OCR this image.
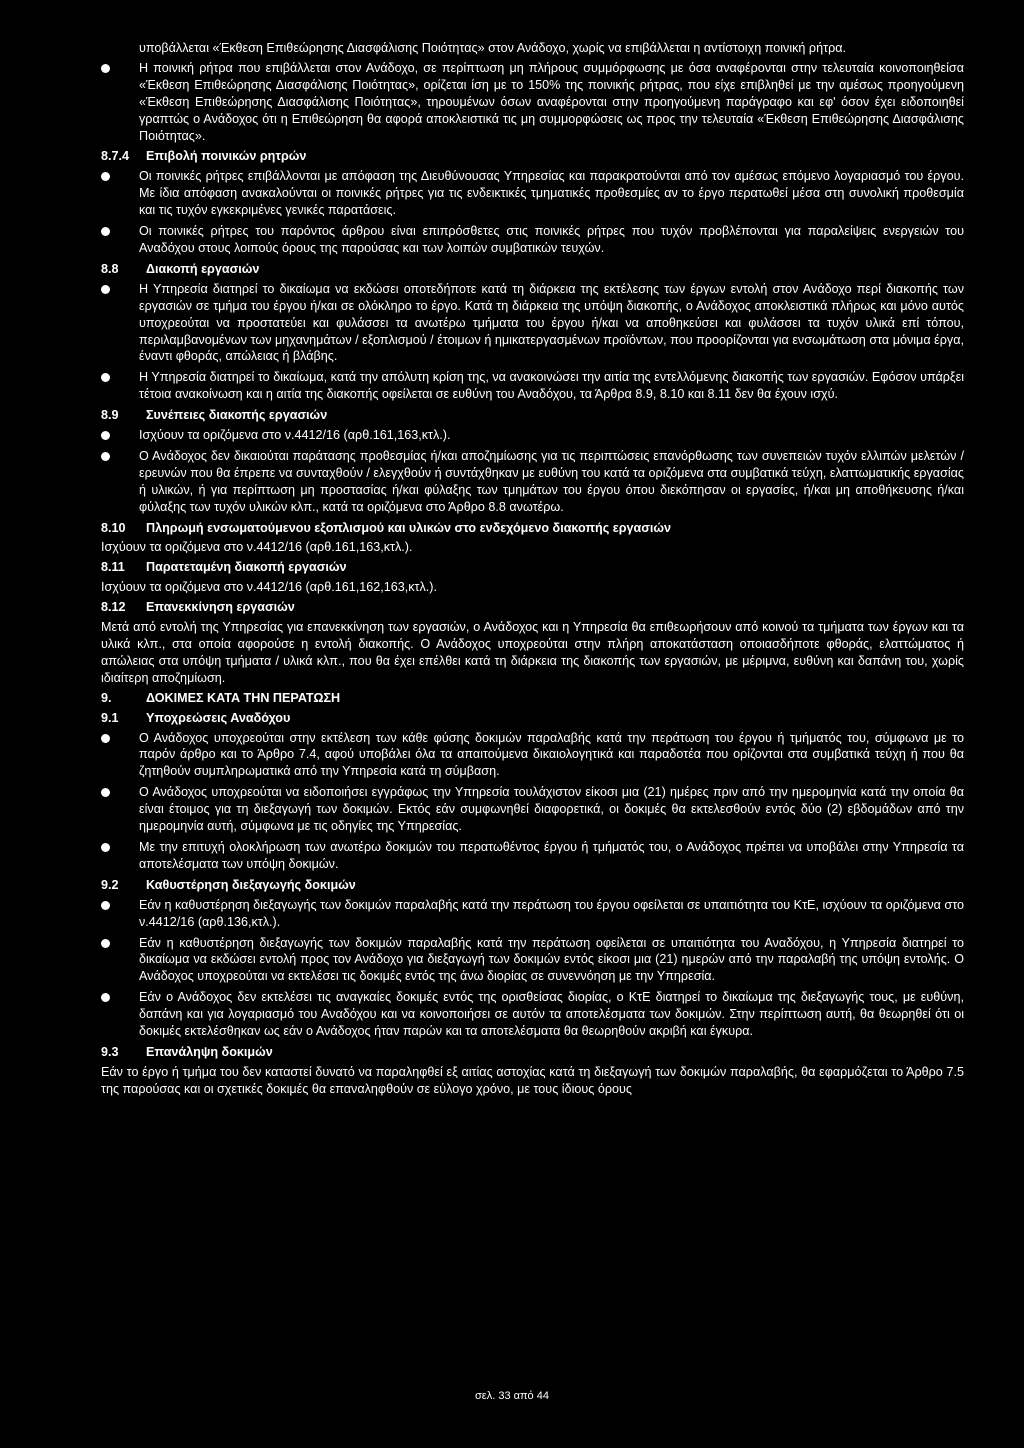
υποβάλλεται «Έκθεση Επιθεώρησης Διασφάλισης Ποιότητας» στον Ανάδοχο, χωρίς να επιβάλλεται η αντίστοιχη ποινική ρήτρα.

Η ποινική ρήτρα που επιβάλλεται στον Ανάδοχο, σε περίπτωση μη πλήρους συμμόρφωσης με όσα αναφέρονται στην τελευταία κοινοποιηθείσα «Έκθεση Επιθεώρησης Διασφάλισης Ποιότητας», ορίζεται ίση με το 150% της ποινικής ρήτρας, που είχε επιβληθεί με την αμέσως προηγούμενη «Έκθεση Επιθεώρησης Διασφάλισης Ποιότητας», τηρουμένων όσων αναφέρονται στην προηγούμενη παράγραφο και εφ' όσον έχει ειδοποιηθεί γραπτώς ο Ανάδοχος ότι η Επιθεώρηση θα αφορά αποκλειστικά τις μη συμμορφώσεις ως προς την τελευταία «Έκθεση Επιθεώρησης Διασφάλισης Ποιότητας».

8.7.4 Επιβολή ποινικών ρητρών

Οι ποινικές ρήτρες επιβάλλονται με απόφαση της Διευθύνουσας Υπηρεσίας και παρακρατούνται από τον αμέσως επόμενο λογαριασμό του έργου. Με ίδια απόφαση ανακαλούνται οι ποινικές ρήτρες για τις ενδεικτικές τμηματικές προθεσμίες αν το έργο περατωθεί μέσα στη συνολική προθεσμία και τις τυχόν εγκεκριμένες γενικές παρατάσεις.

Οι ποινικές ρήτρες του παρόντος άρθρου είναι επιπρόσθετες στις ποινικές ρήτρες που τυχόν προβλέπονται για παραλείψεις ενεργειών του Αναδόχου στους λοιπούς όρους της παρούσας και των λοιπών συμβατικών τευχών.

8.8 Διακοπή εργασιών

Η Υπηρεσία διατηρεί το δικαίωμα να εκδώσει οποτεδήποτε κατά τη διάρκεια της εκτέλεσης των έργων εντολή στον Ανάδοχο περί διακοπής των εργασιών σε τμήμα του έργου ή/και σε ολόκληρο το έργο. Κατά τη διάρκεια της υπόψη διακοπής, ο Ανάδοχος αποκλειστικά πλήρως και μόνο αυτός υποχρεούται να προστατεύει και φυλάσσει τα ανωτέρω τμήματα του έργου ή/και να αποθηκεύσει και φυλάσσει τα τυχόν υλικά επί τόπου, περιλαμβανομένων των μηχανημάτων / εξοπλισμού / έτοιμων ή ημικατεργασμένων προϊόντων, που προορίζονται για ενσωμάτωση στα μόνιμα έργα, έναντι φθοράς, απώλειας ή βλάβης.

Η Υπηρεσία διατηρεί το δικαίωμα, κατά την απόλυτη κρίση της, να ανακοινώσει την αιτία της εντελλόμενης διακοπής των εργασιών. Εφόσον υπάρξει τέτοια ανακοίνωση και η αιτία της διακοπής οφείλεται σε ευθύνη του Αναδόχου, τα Άρθρα 8.9, 8.10 και 8.11 δεν θα έχουν ισχύ.

8.9 Συνέπειες διακοπής εργασιών

Ισχύουν τα οριζόμενα στο ν.4412/16 (αρθ.161,163,κτλ.).

Ο Ανάδοχος δεν δικαιούται παράτασης προθεσμίας ή/και αποζημίωσης για τις περιπτώσεις επανόρθωσης των συνεπειών τυχόν ελλιπών μελετών / ερευνών που θα έπρεπε να συνταχθούν / ελεγχθούν ή συντάχθηκαν με ευθύνη του κατά τα οριζόμενα στα συμβατικά τεύχη, ελαττωματικής εργασίας ή υλικών, ή για περίπτωση μη προστασίας ή/και φύλαξης των τμημάτων του έργου όπου διεκόπησαν οι εργασίες, ή/και μη αποθήκευσης ή/και φύλαξης των τυχόν υλικών κλπ., κατά τα οριζόμενα στο Άρθρο 8.8 ανωτέρω.

8.10 Πληρωμή ενσωματούμενου εξοπλισμού και υλικών στο ενδεχόμενο διακοπής εργασιών

Ισχύουν τα οριζόμενα στο ν.4412/16 (αρθ.161,163,κτλ.).

8.11 Παρατεταμένη διακοπή εργασιών

Ισχύουν τα οριζόμενα στο ν.4412/16 (αρθ.161,162,163,κτλ.).

8.12 Επανεκκίνηση εργασιών

Μετά από εντολή της Υπηρεσίας για επανεκκίνηση των εργασιών, ο Ανάδοχος και η Υπηρεσία θα επιθεωρήσουν από κοινού τα τμήματα των έργων και τα υλικά κλπ., στα οποία αφορούσε η εντολή διακοπής. Ο Ανάδοχος υποχρεούται στην πλήρη αποκατάσταση οποιασδήποτε φθοράς, ελαττώματος ή απώλειας στα υπόψη τμήματα / υλικά κλπ., που θα έχει επέλθει κατά τη διάρκεια της διακοπής των εργασιών, με μέριμνα, ευθύνη και δαπάνη του, χωρίς ιδιαίτερη αποζημίωση.

9.	ΔΟΚΙΜΕΣ ΚΑΤΑ ΤΗΝ ΠΕΡΑΤΩΣΗ
9.1 Υποχρεώσεις Αναδόχου

Ο Ανάδοχος υποχρεούται στην εκτέλεση των κάθε φύσης δοκιμών παραλαβής κατά την περάτωση του έργου ή τμήματός του, σύμφωνα με το παρόν άρθρο και το Άρθρο 7.4, αφού υποβάλει όλα τα απαιτούμενα δικαιολογητικά και παραδοτέα που ορίζονται στα συμβατικά τεύχη ή που θα ζητηθούν συμπληρωματικά από την Υπηρεσία κατά τη σύμβαση.

Ο Ανάδοχος υποχρεούται να ειδοποιήσει εγγράφως την Υπηρεσία τουλάχιστον είκοσι μια (21) ημέρες πριν από την ημερομηνία κατά την οποία θα είναι έτοιμος για τη διεξαγωγή των δοκιμών. Εκτός εάν συμφωνηθεί διαφορετικά, οι δοκιμές θα εκτελεσθούν εντός δύο (2) εβδομάδων από την ημερομηνία αυτή, σύμφωνα με τις οδηγίες της Υπηρεσίας.

Με την επιτυχή ολοκλήρωση των ανωτέρω δοκιμών του περατωθέντος έργου ή τμήματός του, ο Ανάδοχος πρέπει να υποβάλει στην Υπηρεσία τα αποτελέσματα των υπόψη δοκιμών.

9.2 Καθυστέρηση διεξαγωγής δοκιμών

Εάν η καθυστέρηση διεξαγωγής των δοκιμών παραλαβής κατά την περάτωση του έργου οφείλεται σε υπαιτιότητα του ΚτΕ, ισχύουν τα οριζόμενα στο ν.4412/16 (αρθ.136,κτλ.).

Εάν η καθυστέρηση διεξαγωγής των δοκιμών παραλαβής κατά την περάτωση οφείλεται σε υπαιτιότητα του Αναδόχου, η Υπηρεσία διατηρεί το δικαίωμα να εκδώσει εντολή προς τον Ανάδοχο για διεξαγωγή των δοκιμών εντός είκοσι μια (21) ημερών από την παραλαβή της υπόψη εντολής. Ο Ανάδοχος υποχρεούται να εκτελέσει τις δοκιμές εντός της άνω διορίας σε συνεννόηση με την Υπηρεσία.

Εάν ο Ανάδοχος δεν εκτελέσει τις αναγκαίες δοκιμές εντός της ορισθείσας διορίας, ο ΚτΕ διατηρεί το δικαίωμα της διεξαγωγής τους, με ευθύνη, δαπάνη και για λογαριασμό του Αναδόχου και να κοινοποιήσει σε αυτόν τα αποτελέσματα των δοκιμών. Στην περίπτωση αυτή, θα θεωρηθεί ότι οι δοκιμές εκτελέσθηκαν ως εάν ο Ανάδοχος ήταν παρών και τα αποτελέσματα θα θεωρηθούν ακριβή και έγκυρα.

9.3 Επανάληψη δοκιμών

Εάν το έργο ή τμήμα του δεν καταστεί δυνατό να παραληφθεί εξ αιτίας αστοχίας κατά τη διεξαγωγή των δοκιμών παραλαβής, θα εφαρμόζεται το Άρθρο 7.5 της παρούσας και οι σχετικές δοκιμές θα επαναληφθούν σε εύλογο χρόνο, με τους ίδιους όρους

σελ. 33 από 44
